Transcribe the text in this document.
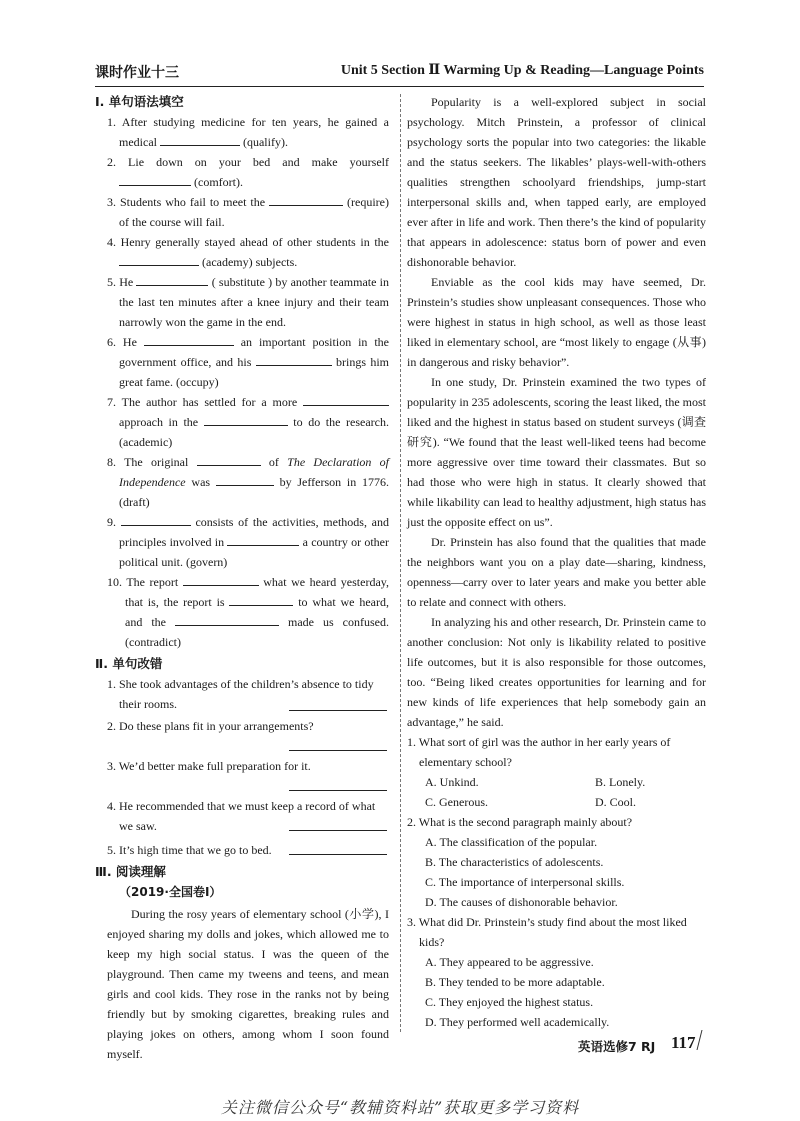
课时作业十三	Unit 5 Section Ⅱ Warming Up & Reading—Language Points
Ⅰ. 单句语法填空
1. After studying medicine for ten years, he gained a medical	(qualify).
2. Lie down on your bed and make yourself  (comfort).
3. Students who fail to meet the	(require) of the course will fail.
4. Henry generally stayed ahead of other students in the  (academy) subjects.
5. He	( substitute ) by another teammate in the last ten minutes after a knee injury and their team narrowly won the game in the end.
6. He	an important position in the government office, and his	brings him great fame. (occupy)
7. The author has settled for a more  approach in the	to do the research. (academic)
8. The original	of The Declaration of Independence was	by Jefferson in 1776. (draft)
9.	consists of the activities, methods, and principles involved in	a country or other political unit. (govern)
10. The report	what we heard yesterday, that is, the report is	to what we heard, and the	made us confused. (contradict)
Ⅱ. 单句改错
1. She took advantages of the children’s absence to tidy their rooms.
2. Do these plans fit in your arrangements?
3. We’d better make full preparation for it.
4. He recommended that we must keep a record of what we saw.
5. It’s high time that we go to bed.
Ⅲ. 阅读理解
（2019·全国卷Ⅰ）
During the rosy years of elementary school (小学), I enjoyed sharing my dolls and jokes, which allowed me to keep my high social status. I was the queen of the playground. Then came my tweens and teens, and mean girls and cool kids. They rose in the ranks not by being friendly but by smoking cigarettes, breaking rules and playing jokes on others, among whom I soon found myself.
Popularity is a well-explored subject in social psychology. Mitch Prinstein, a professor of clinical psychology sorts the popular into two categories: the likable and the status seekers. The likables’ plays-well-with-others qualities strengthen schoolyard friendships, jump-start interpersonal skills and, when tapped early, are employed ever after in life and work. Then there’s the kind of popularity that appears in adolescence: status born of power and even dishonorable behavior.
Enviable as the cool kids may have seemed, Dr. Prinstein’s studies show unpleasant consequences. Those who were highest in status in high school, as well as those least liked in elementary school, are “most likely to engage (从事) in dangerous and risky behavior”.
In one study, Dr. Prinstein examined the two types of popularity in 235 adolescents, scoring the least liked, the most liked and the highest in status based on student surveys (调查研究). “We found that the least well-liked teens had become more aggressive over time toward their classmates. But so had those who were high in status. It clearly showed that while likability can lead to healthy adjustment, high status has just the opposite effect on us”.
Dr. Prinstein has also found that the qualities that made the neighbors want you on a play date—sharing, kindness, openness—carry over to later years and make you better able to relate and connect with others.
In analyzing his and other research, Dr. Prinstein came to another conclusion: Not only is likability related to positive life outcomes, but it is also responsible for those outcomes, too. “Being liked creates opportunities for learning and for new kinds of life experiences that help somebody gain an advantage,” he said.
1. What sort of girl was the author in her early years of elementary school?
A. Unkind.	B. Lonely.
C. Generous.	D. Cool.
2. What is the second paragraph mainly about?
A. The classification of the popular.
B. The characteristics of adolescents.
C. The importance of interpersonal skills.
D. The causes of dishonorable behavior.
3. What did Dr. Prinstein’s study find about the most liked kids?
A. They appeared to be aggressive.
B. They tended to be more adaptable.
C. They enjoyed the highest status.
D. They performed well academically.
英语选修7 RJ 117
关注微信公众号“教辅资料站”获取更多学习资料
